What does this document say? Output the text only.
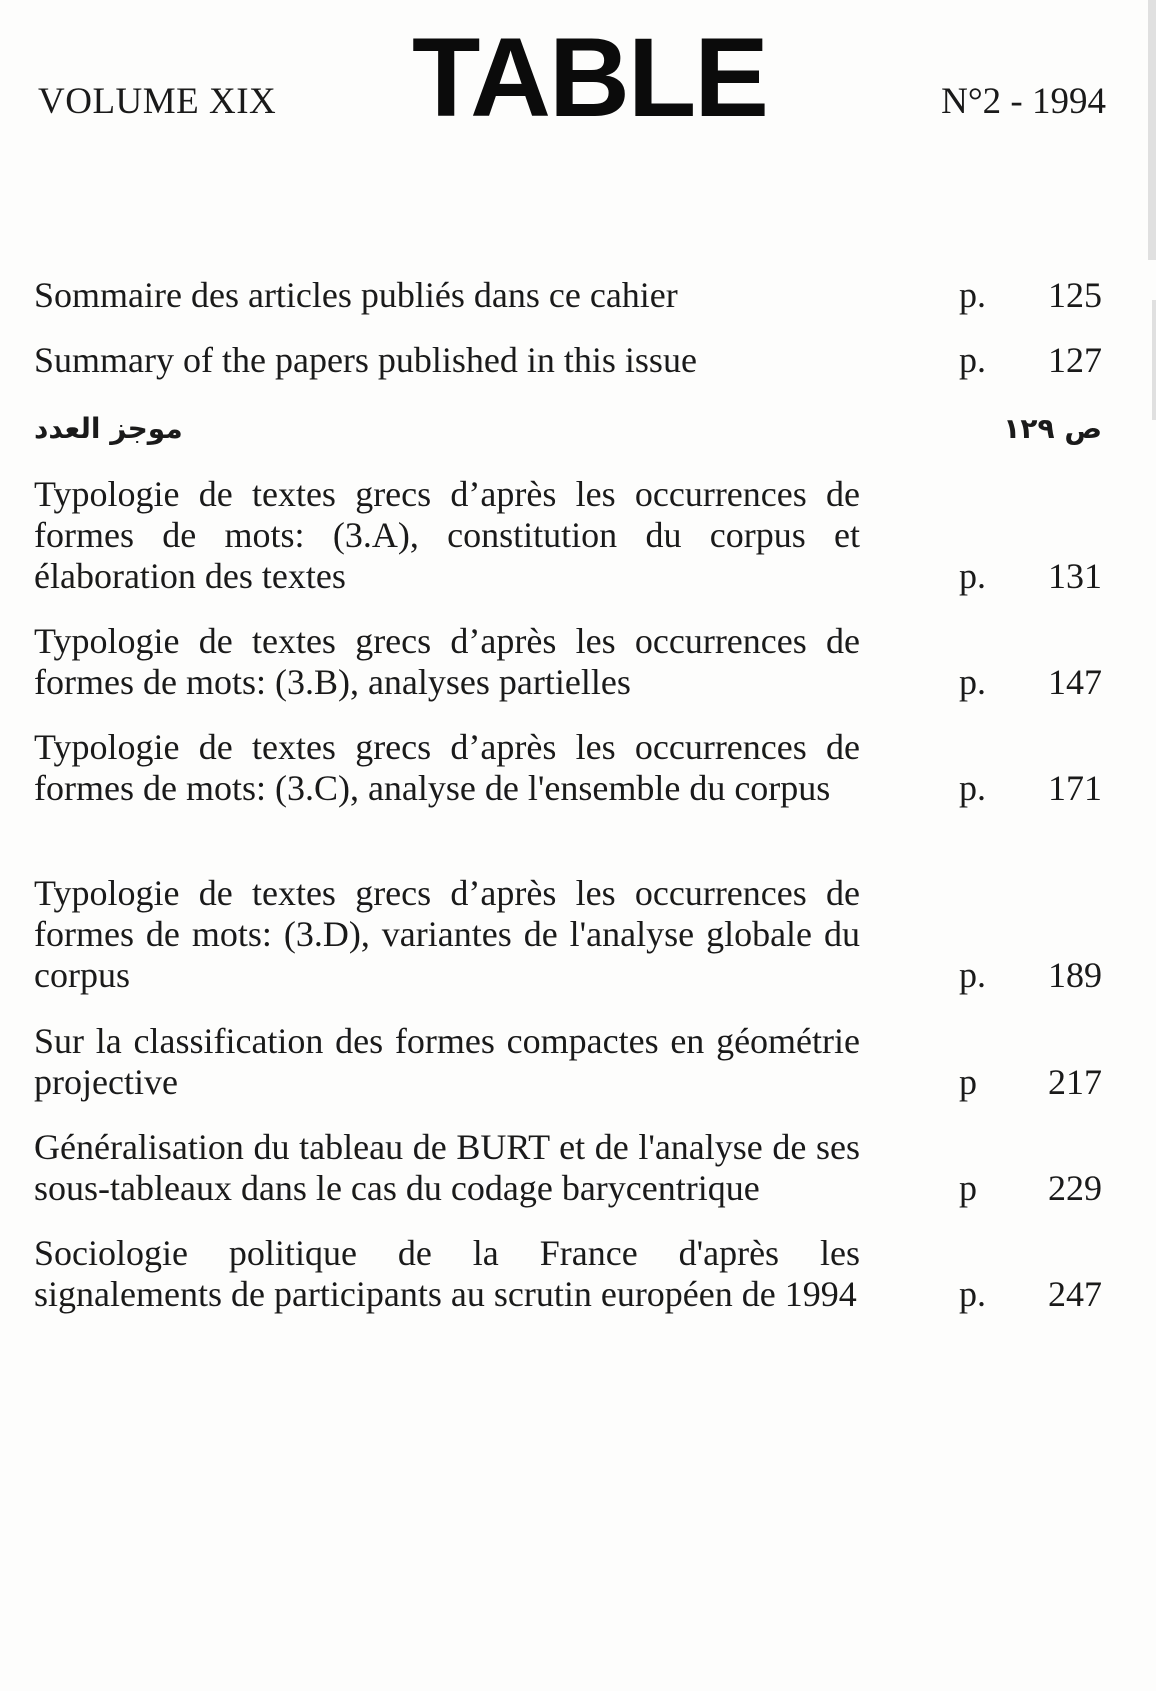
VOLUME XIX TABLE	N°2 - 1994
Sommaire des articles publiés dans ce cahier	p. 125
Summary of the papers published in this issue	p. 127
موجز العدد	ص ١٢٩
Typologie de textes grecs d’après les occurrences de formes de mots: (3.A), constitution du corpus et élaboration des textes	p. 131
Typologie de textes grecs d’après les occurrences de formes de mots: (3.B), analyses partielles	p. 147
Typologie de textes grecs d’après les occurrences de formes de mots: (3.C), analyse de l'ensemble du corpus	p. 171
Typologie de textes grecs d’après les occurrences de formes de mots: (3.D), variantes de l'analyse globale du corpus	p. 189
Sur la classification des formes compactes en géométrie projective	p 217
Généralisation du tableau de BURT et de l'analyse de ses sous-tableaux dans le cas du codage barycentrique	p 229
Sociologie politique de la France d'après les signalements de participants au scrutin européen de 1994	p. 247
